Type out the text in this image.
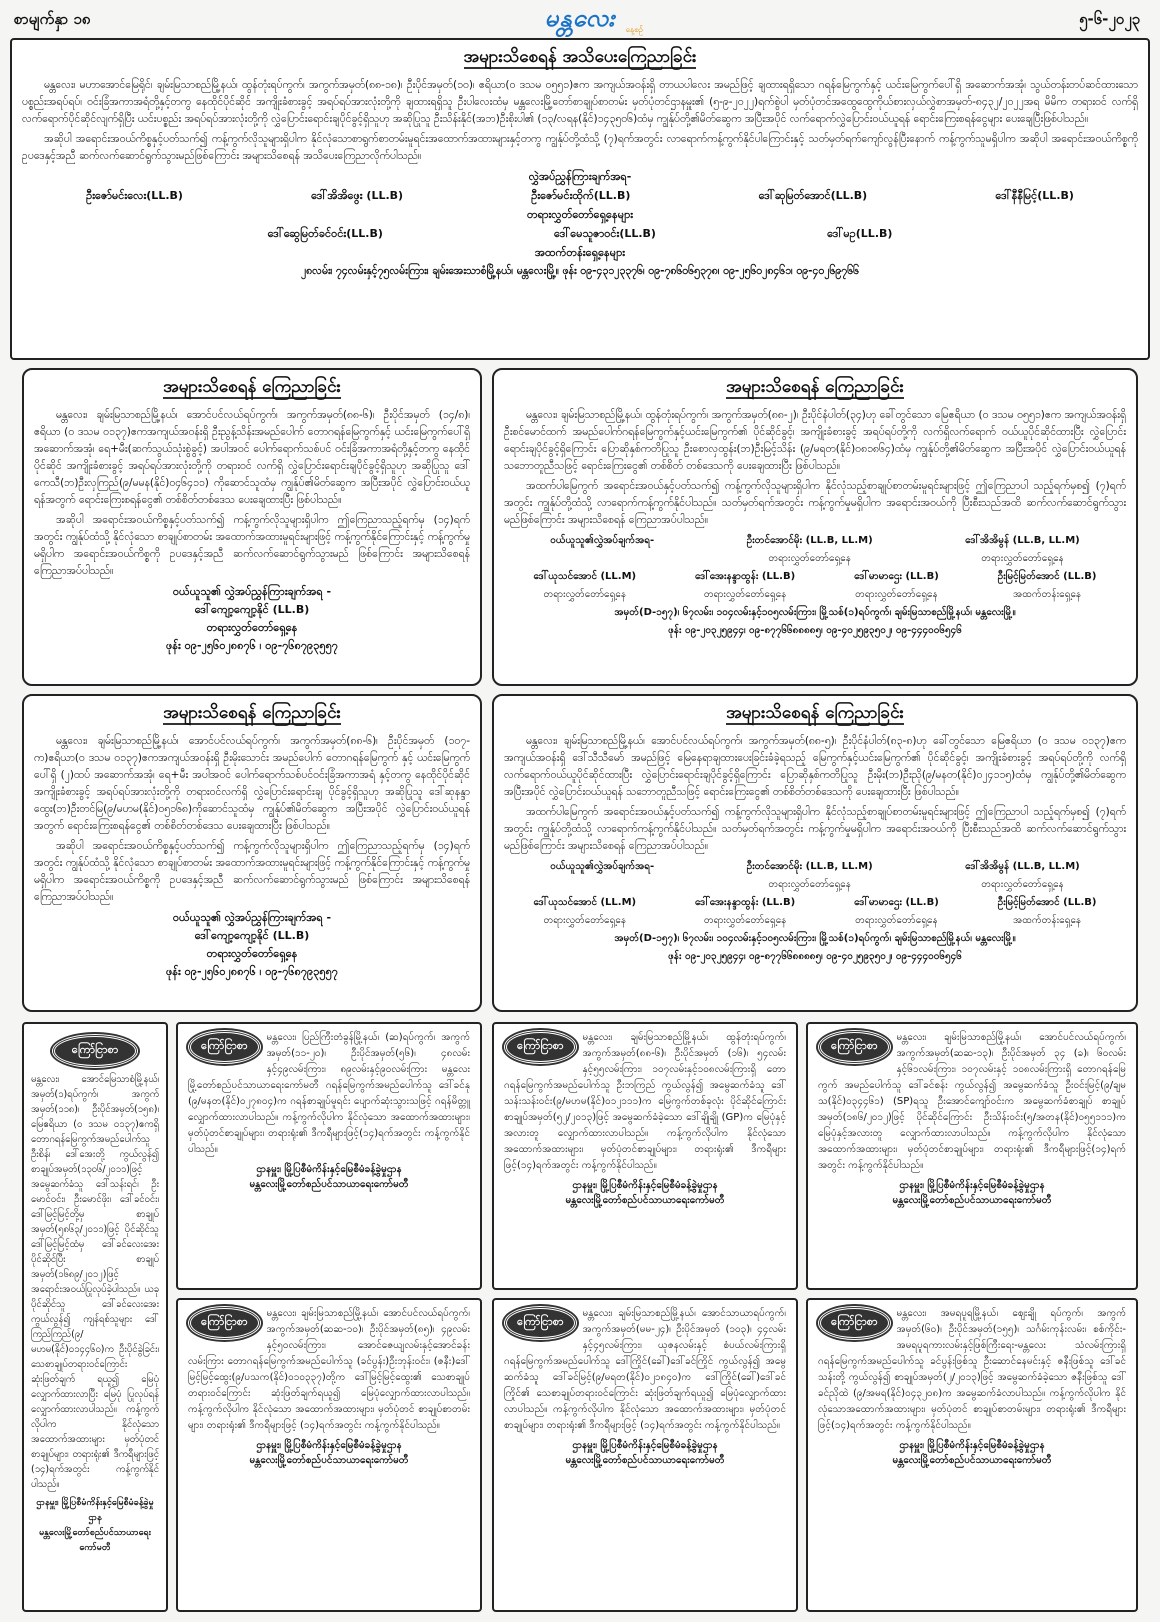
စာမျက်နှာ ၁၈	မန္တလေး	နေ့စဉ်
၅-၆-၂၀၂၃
အများသိစေရန် အသိပေးကြေညာခြင်း

မန္တလေး၊ မဟာအောင်မြေရိုင်၊ ချမ်းမြသာစည်မြို့နယ်၊ ထွန်တုံးရပ်ကွက်၊ အကွက်အမှတ်(၈၈-၁၈)၊ ဦးပိုင်အမှတ်(၁၀)၊ ဧရိယာ(၀ ဒသမ ၀၅၅၁)ဧက အကျယ်အဝန်းရှိ တာယပါလေး အမည်ဖြင့် ချထားရရှိသော ဂရန်မြေကွက်နှင့် ယင်းမြေကွက်ပေါ်ရှိ အဆောက်အအုံ၊ သွယ်တန်းတပ်ဆင်ထားသော ပစ္စည်းအရပ်ရပ်၊ ဝင်းခြံအကာအရံတို့နှင့်တကွ နေထိုင်ပိုင်ဆိုင် အကျိုးခံစားခွင့် အရပ်ရပ်အားလုံးတို့ကို ချထားရရှိသူ ဦးပါလေးထံမှ မန္တလေးမြို့တော်စာချုပ်စာတမ်း မှတ်ပုံတင်ဌာနမှူး၏ (၅-၉-၂၀၂၂)ရက်စွဲပါ မှတ်ပုံတင်အထွေထွေကိုယ်စားလှယ်လွှဲစာအမှတ်-၈၄၃၂/၂၀၂၂အရ မိမိက တရားဝင် လက်ရှိလက်ရောက်ပိုင်ဆိုင်လျက်ရှိပြီး ယင်းပစ္စည်း အရပ်ရပ်အားလုံးတို့ကို လွှဲပြောင်းရောင်းချပိုင်ခွင့်ရှိသူဟု အဆိုပြုသူ ဦးသိန်းနိုင်(အဘ)ဦးစိုးပါ၏ (၁၃/လရန(နိုင်)၁၄၃၅၀၆)ထံမှ ကျွန်ုပ်တို့၏မိတ်ဆွေက အပြီးအပိုင် လက်ရောက်လွှဲပြောင်းဝယ်ယူရန် ရောင်းကြေးစရန်ငွေများ ပေးချေပြီးဖြစ်ပါသည်။

အဆိုပါ အရောင်းအဝယ်ကိစ္စနှင့်ပတ်သက်၍ ကန့်ကွက်လိုသူများရှိပါက နိုင်လုံသောစာရွက်စာတမ်းမူရင်းအထောက်အထားများနှင့်တကွ ကျွန်ုပ်တို့ထံသို့ (၇)ရက်အတွင်း လာရောက်ကန့်ကွက်နိုင်ပါကြောင်းနှင့် သတ်မှတ်ရက်ကျော်လွန်ပြီးနောက် ကန့်ကွက်သူမရှိပါက အဆိုပါ အရောင်းအဝယ်ကိစ္စကို ဥပဒေနှင့်အညီ ဆက်လက်ဆောင်ရွက်သွားမည်ဖြစ်ကြောင်း အများသိစေရန် အသိပေးကြေညာလိုက်ပါသည်။

လွှဲအပ်ညွှန်ကြားချက်အရ-

ဦးဇော်မင်းလေး(LL.B)	ဒေါ်အိအိဖွေး (LL.B)	ဦးဇော်မင်းထိုက်(LL.B)	ဒေါ်ဆုမြတ်အောင်(LL.B)	ဒေါ်နီနီမြင့်(LL.B)

တရားလွှတ်တော်ရှေ့နေများ

ဒေါ်ဆွေမြတ်ခင်ဝင်း(LL.B)	ဒေါ်မေသူဇာဝင်း(LL.B)	ဒေါ်မဥ(LL.B)

အထက်တန်းရှေ့နေများ

၂၈လမ်း၊ ၇၄လမ်းနှင့်၇၅လမ်းကြား၊ ချမ်းအေးသာစံမြို့နယ်၊ မန္တလေးမြို့။ ဖုန်း ၀၉-၄၃၁၂၃၃၇၆၊ ၀၉-၇၈၆၀၆၅၃၇၈၊ ၀၉-၂၅၆၀၂၈၄၆၁၊ ၀၉-၄၀၂၆၉၇၆၆

အများသိစေရန် ကြေညာခြင်း

မန္တလေး၊ ချမ်းမြသာစည်မြို့နယ်၊ အောင်ပင်လယ်ရပ်ကွက်၊ အကွက်အမှတ်(၈၈-၆)၊ ဦးပိုင်အမှတ် (၁၄/၈)၊ ဧရိယာ (၀ ဒသမ ၀၁၃၇)ဧကအကျယ်အဝန်းရှိ ဦးညွန့်သိန်းအမည်ပေါက် တောဂရန်မြေကွက်နှင့် ယင်းမြေကွက်ပေါ်ရှိ အဆောက်အအုံ၊ ရေ+မီး(ဆက်သွယ်သုံးစွဲခွင့်) အပါအဝင် ပေါက်ရောက်သစ်ပင် ဝင်းခြံအကာအရံတို့နှင့်တကွ နေထိုင်ပိုင်ဆိုင် အကျိုးခံစားခွင့် အရပ်ရပ်အားလုံးတို့ကို တရားဝင် လက်ရှိ လွှဲပြောင်းရောင်းချပိုင်ခွင့်ရှိသူဟု အဆိုပြုသူ ဒေါ်ကေသီ(ဘ)ဦးလှကြည်(၉/မမန(နိုင်)၀၄၆၄၁၁) ကိုဆောင်သူထံမှ ကျွန်ုပ်၏မိတ်ဆွေက အပြီးအပိုင် လွှဲပြောင်းဝယ်ယူရန်အတွက် ရောင်းကြေးစရန်ငွေ၏ တစ်စိတ်တစ်ဒေသ ပေးချေထားပြီး ဖြစ်ပါသည်။

အဆိုပါ အရောင်းအဝယ်ကိစ္စနှင့်ပတ်သက်၍ ကန့်ကွက်လိုသူများရှိပါက ဤကြေညာသည့်ရက်မှ (၁၄)ရက်အတွင်း ကျွန်ုပ်ထံသို့ နိုင်လုံသော စာချုပ်စာတမ်း အထောက်အထားမူရင်းများဖြင့် ကန့်ကွက်နိုင်ကြောင်းနှင့် ကန့်ကွက်မှုမရှိပါက အရောင်းအဝယ်ကိစ္စကို ဥပဒေနှင့်အညီ ဆက်လက်ဆောင်ရွက်သွားမည် ဖြစ်ကြောင်း အများသိစေရန် ကြေညာအပ်ပါသည်။

ဝယ်ယူသူ၏ လွှဲအပ်ညွှန်ကြားချက်အရ -

ဒေါ်ကျော့ကျော့နိုင် (LL.B)

တရားလွှတ်တော်ရှေ့နေ

ဖုန်း ၀၉-၂၅၆၀၂၈၈၇၆ ၊ ၀၉-၇၆၈၇၉၃၅၅၇

အများသိစေရန် ကြေညာခြင်း

မန္တလေး၊ ချမ်းမြသာစည်မြို့နယ်၊ ထွန်တုံးရပ်ကွက်၊ အကွက်အမှတ်(၈၈-၂)၊ ဦးပိုင်နံပါတ်(၃၄)ဟု ခေါ်တွင်သော မြေဧရိယာ (၀ ဒသမ ၀၅၅၁)ဧက အကျယ်အဝန်းရှိ ဦးစင်မောင်ထက် အမည်ပေါက်ဂရန်မြေကွက်နှင့်ယင်းမြေကွက်၏ ပိုင်ဆိုင်ခွင့်၊ အကျိုးခံစားခွင့် အရပ်ရပ်တို့ကို လက်ရှိလက်ရောက် ဝယ်ယူပိုင်ဆိုင်ထားပြီး လွှဲပြောင်းရောင်းချပိုင်ခွင့်ရှိကြောင်း ပြောဆိုနှစ်ကတိပြုသူ ဦးစောလှထွန်း(ဘ)ဦးမြင့်သိန်း (၉/မရတ(နိုင်)၀၈၁၈၆၄)ထံမှ ကျွန်ုပ်တို့၏မိတ်ဆွေက အပြီးအပိုင် လွှဲပြောင်းဝယ်ယူရန် သဘောတူညီသဖြင့် ရောင်းကြေးငွေ၏ တစ်စိတ် တစ်ဒေသကို ပေးချေထားပြီး ဖြစ်ပါသည်။

အထက်ပါမြေကွက် အရောင်းအဝယ်နှင့်ပတ်သက်၍ ကန့်ကွက်လိုသူများရှိပါက နိုင်လုံသည့်စာချုပ်စာတမ်းမူရင်းများဖြင့် ဤကြေညာပါ သည့်ရက်မှစ၍ (၇)ရက်အတွင်း ကျွန်ုပ်တို့ထံသို့ လာရောက်ကန့်ကွက်နိုင်ပါသည်။ သတ်မှတ်ရက်အတွင်း ကန့်ကွက်မှုမရှိပါက အရောင်းအဝယ်ကို ပြီးစီးသည်အထိ ဆက်လက်ဆောင်ရွက်သွားမည်ဖြစ်ကြောင်း အများသိစေရန် ကြေညာအပ်ပါသည်။

ဝယ်ယူသူ၏လွှဲအပ်ချက်အရ-	ဦးတင်အောင်မိုး (LL.B, LL.M)
တရားလွှတ်တော်ရှေ့နေ
ဒေါ်အိအိမွန် (LL.B, LL.M)
တရားလွှတ်တော်ရှေ့နေ
ဒေါ်ယုသင်အောင် (LL.M)
တရားလွှတ်တော်ရှေ့နေ
ဒေါ်အေးနန္ဒာထွန်း (LL.B)
တရားလွှတ်တော်ရှေ့နေ
ဒေါ်မာမာဌေး (LL.B)
တရားလွှတ်တော်ရှေ့နေ
ဦးမြင့်မြတ်အောင် (LL.B)
အထက်တန်းရှေ့နေ

အမှတ်(D-၁၅၇)၊ ၆၇လမ်း၊ ၁၀၄လမ်းနှင့်၁၀၅လမ်းကြား၊ မြို့သစ်(၁)ရပ်ကွက်၊ ချမ်းမြသာစည်မြို့နယ်၊ မန္တလေးမြို့။

ဖုန်း ၀၉-၂၀၃၂၅၉၄၄၊ ၀၉-၈၇၇၆၆၈၈၈၈၅၊ ၀၉-၄၀၂၅၉၃၅၀၂၊ ၀၉-၄၄၄၀၀၆၅၄၆

အများသိစေရန် ကြေညာခြင်း

မန္တလေး၊ ချမ်းမြသာစည်မြို့နယ်၊ အောင်ပင်လယ်ရပ်ကွက်၊ အကွက်အမှတ်(၈၈-၆)၊ ဦးပိုင်အမှတ် (၁၀၇-က)ဧရိယာ(၀ ဒသမ ၀၁၃၇)ဧကအကျယ်အဝန်းရှိ ဦးမိုးသောင်း အမည်ပေါက် တောဂရန်မြေကွက် နှင့် ယင်းမြေကွက်ပေါ်ရှိ (၂)ထပ် အဆောက်အအုံ၊ ရေ+မီး အပါအဝင် ပေါက်ရောက်သစ်ပင်ဝင်းခြံအကာအရံ နှင့်တကွ နေထိုင်ပိုင်ဆိုင်အကျိုးခံစားခွင့် အရပ်ရပ်အားလုံးတို့ကို တရားဝင်လက်ရှိ လွှဲပြောင်းရောင်းချ ပိုင်ခွင့်ရှိသူဟု အဆိုပြုသူ ဒေါ်ဆုနန္ဒာထွေး(ဘ)ဦးတင်မြ(၉/မဟမ(နိုင်)၀၅၁၆၈)ကိုဆောင်သူထံမှ ကျွန်ုပ်၏မိတ်ဆွေက အပြီးအပိုင် လွှဲပြောင်းဝယ်ယူရန်အတွက် ရောင်းကြေးစရန်ငွေ၏ တစ်စိတ်တစ်ဒေသ ပေးချေထားပြီး ဖြစ်ပါသည်။

အဆိုပါ အရောင်းအဝယ်ကိစ္စနှင့်ပတ်သက်၍ ကန့်ကွက်လိုသူများရှိပါက ဤကြေညာသည့်ရက်မှ (၁၄)ရက်အတွင်း ကျွန်ုပ်ထံသို့ နိုင်လုံသော စာချုပ်စာတမ်း အထောက်အထားမူရင်းများဖြင့် ကန့်ကွက်နိုင်ကြောင်းနှင့် ကန့်ကွက်မှုမရှိပါက အရောင်းအဝယ်ကိစ္စကို ဥပဒေနှင့်အညီ ဆက်လက်ဆောင်ရွက်သွားမည် ဖြစ်ကြောင်း အများသိစေရန် ကြေညာအပ်ပါသည်။

ဝယ်ယူသူ၏ လွှဲအပ်ညွှန်ကြားချက်အရ -

ဒေါ်ကျော့ကျော့နိုင် (LL.B)

တရားလွှတ်တော်ရှေ့နေ

ဖုန်း ၀၉-၂၅၆၀၂၈၈၇၆ ၊ ၀၉-၇၆၈၇၉၃၅၅၇

အများသိစေရန် ကြေညာခြင်း

မန္တလေး၊ ချမ်းမြသာစည်မြို့နယ်၊ အောင်ပင်လယ်ရပ်ကွက်၊ အကွက်အမှတ်(၈၈-၅)၊ ဦးပိုင်နံပါတ်(၈၃-၈)ဟု ခေါ်တွင်သော မြေဧရိယာ (၀ ဒသမ ၀၁၃၇)ဧက အကျယ်အဝန်းရှိ ဒေါ်သီသီမော် အမည်ဖြင့် မြေနေရာချထားပေးခြင်းခံခဲ့ရသည့် မြေကွက်နှင့်ယင်းမြေကွက်၏ ပိုင်ဆိုင်ခွင့်၊ အကျိုးခံစားခွင့် အရပ်ရပ်တို့ကို လက်ရှိလက်ရောက်ဝယ်ယူပိုင်ဆိုင်ထားပြီး လွှဲပြောင်းရောင်းချပိုင်ခွင့်ရှိကြောင်း ပြောဆိုနှစ်ကတိပြုသူ ဦးမိုး(ဘ)ဦးညို(၉/မနတ(နိုင်)၀၂၄၁၁၅)ထံမှ ကျွန်ုပ်တို့၏မိတ်ဆွေက အပြီးအပိုင် လွှဲပြောင်းဝယ်ယူရန် သဘောတူညီသဖြင့် ရောင်းကြေးငွေ၏ တစ်စိတ်တစ်ဒေသကို ပေးချေထားပြီး ဖြစ်ပါသည်။

အထက်ပါမြေကွက် အရောင်းအဝယ်နှင့်ပတ်သက်၍ ကန့်ကွက်လိုသူများရှိပါက နိုင်လုံသည့်စာချုပ်စာတမ်းမူရင်းများဖြင့် ဤကြေညာပါ သည့်ရက်မှစ၍ (၇)ရက်အတွင်း ကျွန်ုပ်တို့ထံသို့ လာရောက်ကန့်ကွက်နိုင်ပါသည်။ သတ်မှတ်ရက်အတွင်း ကန့်ကွက်မှုမရှိပါက အရောင်းအဝယ်ကို ပြီးစီးသည်အထိ ဆက်လက်ဆောင်ရွက်သွားမည်ဖြစ်ကြောင်း အများသိစေရန် ကြေညာအပ်ပါသည်။

ဝယ်ယူသူ၏လွှဲအပ်ချက်အရ-	ဦးတင်အောင်မိုး (LL.B, LL.M)
တရားလွှတ်တော်ရှေ့နေ
ဒေါ်အိအိမွန် (LL.B, LL.M)
တရားလွှတ်တော်ရှေ့နေ
ဒေါ်ယုသင်အောင် (LL.M)
တရားလွှတ်တော်ရှေ့နေ
ဒေါ်အေးနန္ဒာထွန်း (LL.B)
တရားလွှတ်တော်ရှေ့နေ
ဒေါ်မာမာဌေး (LL.B)
တရားလွှတ်တော်ရှေ့နေ
ဦးမြင့်မြတ်အောင် (LL.B)
အထက်တန်းရှေ့နေ

အမှတ်(D-၁၅၇)၊ ၆၇လမ်း၊ ၁၀၄လမ်းနှင့်၁၀၅လမ်းကြား၊ မြို့သစ်(၁)ရပ်ကွက်၊ ချမ်းမြသာစည်မြို့နယ်၊ မန္တလေးမြို့။

ဖုန်း ၀၉-၂၀၃၂၅၉၄၄၊ ၀၉-၈၇၇၆၆၈၈၈၈၅၊ ၀၉-၄၀၂၅၉၃၅၀၂၊ ၀၉-၄၄၄၀၀၆၅၄၆

ကြော်ငြာစာ

မန္တလေး၊ အောင်မြေသာစံမြို့နယ်၊ အမှတ်(၁)ရပ်ကွက်၊ အကွက်အမှတ်(၁၁၈)၊ ဦးပိုင်အမှတ်(၁၅၈)၊ မြေဧရိယာ (၀ ဒသမ ၀၁၃၇)ဧကရှိ တောဂရန်မြေကွက်အမည်ပေါက်သူ ဦးစိန်၊ ဒေါ်အေးတို့ ကွယ်လွန်၍ စာချုပ်အမှတ်(၁၃၀၆/၂၀၁၁)ဖြင့် အမွေဆက်ခံသူ ဒေါ်သန်းရင်၊ ဦးမောင်ဝင်း၊ ဦးမောင်ဖိုး၊ ဒေါ်ခင်ဝင်း၊ ဒေါ်မြင့်မြင့်တို့မှ စာချုပ်အမှတ်(၅၈၆၃/၂၀၁၁)ဖြင့် ပိုင်ဆိုင်သူ ဒေါ်မြင့်မြင့်ထံမှ ဒေါ်ခင်လေးအေး ပိုင်ဆိုင်ပြီး စာချုပ်အမှတ်(၁၆၈၉/၂၀၁၂)ဖြင့် အရောင်းအဝယ်ပြုလုပ်ခဲ့ပါသည်။ ယခု ပိုင်ဆိုင်သူ ဒေါ်ခင်လေးအေး ကွယ်လွန်၍ ကျန်ရစ်သူများ ဒေါ်ကြည်ကြည်(၉/မဟမ(နိုင်)၀၁၄၄၆၀)က ဦးပိုင်ခွဲခြင်း၊ သေစာချုပ်တရားဝင်ကြောင်း ဆုံးဖြတ်ချက် ရယူ၍ မြေပုံလျှောက်ထားလာပြီး မြေပုံ ပြုလုပ်ရန် လျှောက်ထားလာပါသည်။ ကန့်ကွက်လိုပါက နိုင်လုံသော အထောက်အထားများ မှတ်ပုံတင်စာချုပ်များ၊ တရားရုံး၏ ဒီကရီများဖြင့် (၁၄)ရက်အတွင်း ကန့်ကွက်နိုင်ပါသည်။

ဌာနမှူး၊ မြို့ပြစီမံကိန်းနှင့်မြေစီမံခန့်ခွဲမှုဌာန
မန္တလေးမြို့တော်စည်ပင်သာယာရေးကော်မတီ
ကြော်ငြာစာ

မန္တလေး၊ ပြည်ကြီးတံခွန်မြို့နယ်၊ (ဆ)ရပ်ကွက်၊ အကွက်အမှတ်(၁၁-၂၀)၊ ဦးပိုင်အမှတ်(၅၆)၊ ၄၈လမ်းနှင့်၄၉လမ်းကြား၊ ၈၉လမ်းနှင့်၉၀လမ်းကြား မန္တလေးမြို့တော်စည်ပင်သာယာရေးကော်မတီ ဂရန်မြေကွက်အမည်ပေါက်သူ ဒေါ်ခင်နု (၉/မနတ(နိုင်)၀၂၇၈၀၄)က ဂရန်စာချုပ်မူရင်း ပျောက်ဆုံးသွားသဖြင့် ဂရန်မိတ္တူလျှောက်ထားလာပါသည်။ ကန့်ကွက်လိုပါက နိုင်လုံသော အထောက်အထားများ၊ မှတ်ပုံတင်စာချုပ်များ၊ တရားရုံး၏ ဒီကရီများဖြင့်(၁၄)ရက်အတွင်း ကန့်ကွက်နိုင်ပါသည်။

ဌာနမှူး၊ မြို့ပြစီမံကိန်းနှင့်မြေစီမံခန့်ခွဲမှုဌာန
မန္တလေးမြို့တော်စည်ပင်သာယာရေးကော်မတီ
ကြော်ငြာစာ

မန္တလေး၊ ချမ်းမြသာစည်မြို့နယ်၊ ထွန်တုံးရပ်ကွက်၊ အကွက်အမှတ်(၈၈-၆)၊ ဦးပိုင်အမှတ် (၁၆)၊ ၅၄လမ်းနှင့်၅၅လမ်းကြား၊ ၁၀၇လမ်းနှင့်၁၀၈လမ်းကြားရှိ တောဂရန်မြေကွက်အမည်ပေါက်သူ ဦးဘကြည် ကွယ်လွန်၍ အမွေဆက်ခံသူ ဒေါ်သန်းသန်းဝင်း(၉/မဟမ(နိုင်)၀၁၂၁၁၁)က မြေကွက်တစ်ခုလုံး ပိုင်ဆိုင်ကြောင်း စာချုပ်အမှတ်(၅၂/၂၀၁၃)ဖြင့် အမွေဆက်ခံခဲ့သော ဒေါ်ချိုချို (GP)က မြေပုံနှင့်အလားတူ လျှောက်ထားလာပါသည်။ ကန့်ကွက်လိုပါက နိုင်လုံသော အထောက်အထားများ၊ မှတ်ပုံတင်စာချုပ်များ၊ တရားရုံး၏ ဒီကရီများဖြင့်(၁၄)ရက်အတွင်း ကန့်ကွက်နိုင်ပါသည်။

ဌာနမှူး၊ မြို့ပြစီမံကိန်းနှင့်မြေစီမံခန့်ခွဲမှုဌာန
မန္တလေးမြို့တော်စည်ပင်သာယာရေးကော်မတီ
ကြော်ငြာစာ

မန္တလေး၊ ချမ်းမြသာစည်မြို့နယ်၊ အောင်ပင်လယ်ရပ်ကွက်၊ အကွက်အမှတ်(ဆဆ-၁၃)၊ ဦးပိုင်အမှတ် ၃၄ (ခ)၊ ၆၀လမ်းနှင့်၆၁လမ်းကြား၊ ၁၀၇လမ်းနှင့် ၁၀၈လမ်းကြားရှိ တောဂရန်မြေကွက် အမည်ပေါက်သူ ဒေါ်ခင်စန်း ကွယ်လွန်၍ အမွေဆက်ခံသူ ဦးဝင်းမြင့်(၉/ချမသ(နိုင်)၀၃၄၄၆၁) (SP)ရသူ ဦးအောင်ကျော်ဝင်းက အမွေဆက်ခံစာချုပ် စာချုပ်အမှတ်(၁၈၆/၂၀၁၂)ဖြင့် ပိုင်ဆိုင်ကြောင်း ဦးသိန်းဝင်း(၅/အတန(နိုင်)၀၅၅၁၁၁)က မြေပုံနှင့်အလားတူ လျှောက်ထားလာပါသည်။ ကန့်ကွက်လိုပါက နိုင်လုံသော အထောက်အထားများ၊ မှတ်ပုံတင်စာချုပ်များ၊ တရားရုံး၏ ဒီကရီများဖြင့်(၁၄)ရက်အတွင်း ကန့်ကွက်နိုင်ပါသည်။

ဌာနမှူး၊ မြို့ပြစီမံကိန်းနှင့်မြေစီမံခန့်ခွဲမှုဌာန
မန္တလေးမြို့တော်စည်ပင်သာယာရေးကော်မတီ
ကြော်ငြာစာ

မန္တလေး၊ ချမ်းမြသာစည်မြို့နယ်၊ အောင်ပင်လယ်ရပ်ကွက်၊ အကွက်အမှတ်(ဆဆ-၁၀)၊ ဦးပိုင်အမှတ်(၈၅)၊ ၄၉လမ်းနှင့်၅၀လမ်းကြား၊ အောင်ဇေယျလမ်းနှင့်အောင်ခန်းလမ်းကြား တောဂရန်မြေကွက်အမည်ပေါက်သူ (ခင်ပွန်း)ဦးဘုန်းဝင်း၊ (ဇနီး)ဒေါ်မြင့်မြင့်ထွေး(၉/ပသက(နိုင်)၀၁၀၃၃၇)တို့က ဒေါ်မြင့်မြင့်ထွေး၏ သေစာချုပ်တရားဝင်ကြောင်း ဆုံးဖြတ်ချက်ရယူ၍ မြေပုံလျှောက်ထားလာပါသည်။ ကန့်ကွက်လိုပါက နိုင်လုံသော အထောက်အထားများ၊ မှတ်ပုံတင် စာချုပ်စာတမ်းများ၊ တရားရုံး၏ ဒီကရီများဖြင့် (၁၄)ရက်အတွင်း ကန့်ကွက်နိုင်ပါသည်။

ဌာနမှူး၊ မြို့ပြစီမံကိန်းနှင့်မြေစီမံခန့်ခွဲမှုဌာန
မန္တလေးမြို့တော်စည်ပင်သာယာရေးကော်မတီ
ကြော်ငြာစာ

မန္တလေး၊ ချမ်းမြသာစည်မြို့နယ်၊ အောင်သာယာရပ်ကွက်၊ အကွက်အမှတ်(မမ-၂၄)၊ ဦးပိုင်အမှတ် (၁၀၃)၊ ၄၄လမ်းနှင့်၄၅လမ်းကြား၊ ယုဇနလမ်းနှင့် စံပယ်လမ်းကြားရှိ ဂရန်မြေကွက်အမည်ပေါက်သူ ဒေါ်ကြိုင်(ခေါ်)ဒေါ်ခင်ကြိုင် ကွယ်လွန်၍ အမွေဆက်ခံသူ ဒေါ်ခင်မြင့်(၉/မရတ(နိုင်)၀၂၁၈၄၀)က ဒေါ်ကြိုင်(ခေါ်)ဒေါ်ခင်ကြိုင်၏ သေစာချုပ်တရားဝင်ကြောင်း ဆုံးဖြတ်ချက်ရယူ၍ မြေပုံလျှောက်ထားလာပါသည်။ ကန့်ကွက်လိုပါက နိုင်လုံသော အထောက်အထားများ၊ မှတ်ပုံတင်စာချုပ်များ၊ တရားရုံး၏ ဒီကရီများဖြင့် (၁၄)ရက်အတွင်း ကန့်ကွက်နိုင်ပါသည်။

ဌာနမှူး၊ မြို့ပြစီမံကိန်းနှင့်မြေစီမံခန့်ခွဲမှုဌာန
မန္တလေးမြို့တော်စည်ပင်သာယာရေးကော်မတီ
ကြော်ငြာစာ

မန္တလေး၊ အမရပူရမြို့နယ်၊ ဈေးချို ရပ်ကွက်၊ အကွက်အမှတ်(၆၀)၊ ဦးပိုင်အမှတ်(၁၅၅)၊ သင်္ဂမ်းကုန်းလမ်း၊ စစ်ကိုင်း-အမရပူရကားလမ်းနှင့်ဖြစ်ကြီးရေး-မန္တလေး သံလမ်းကြားရှိ ဂရန်မြေကွက်အမည်ပေါက်သူ ခင်ပွန်းဖြစ်သူ ဦးဆောင်နေမင်းနှင့် ဇနီးဖြစ်သူ ဒေါ်ခင်သန်းတို့ ကွယ်လွန်၍ စာချုပ်အမှတ်(၂/၂၀၁၃)ဖြင့် အမွေဆက်ခံခဲ့သော ဇနီးဖြစ်သူ ဒေါ်ခင်ညိုထဲ (၉/အမရ(နိုင်)၀၄၃၂၀၈)က အမွေဆက်ခံလာပါသည်။ ကန့်ကွက်လိုပါက နိုင်လုံသောအထောက်အထားများ၊ မှတ်ပုံတင် စာချုပ်စာတမ်းများ၊ တရားရုံး၏ ဒီကရီများဖြင့်(၁၄)ရက်အတွင်း ကန့်ကွက်နိုင်ပါသည်။

ဌာနမှူး၊ မြို့ပြစီမံကိန်းနှင့်မြေစီမံခန့်ခွဲမှုဌာန
မန္တလေးမြို့တော်စည်ပင်သာယာရေးကော်မတီ
